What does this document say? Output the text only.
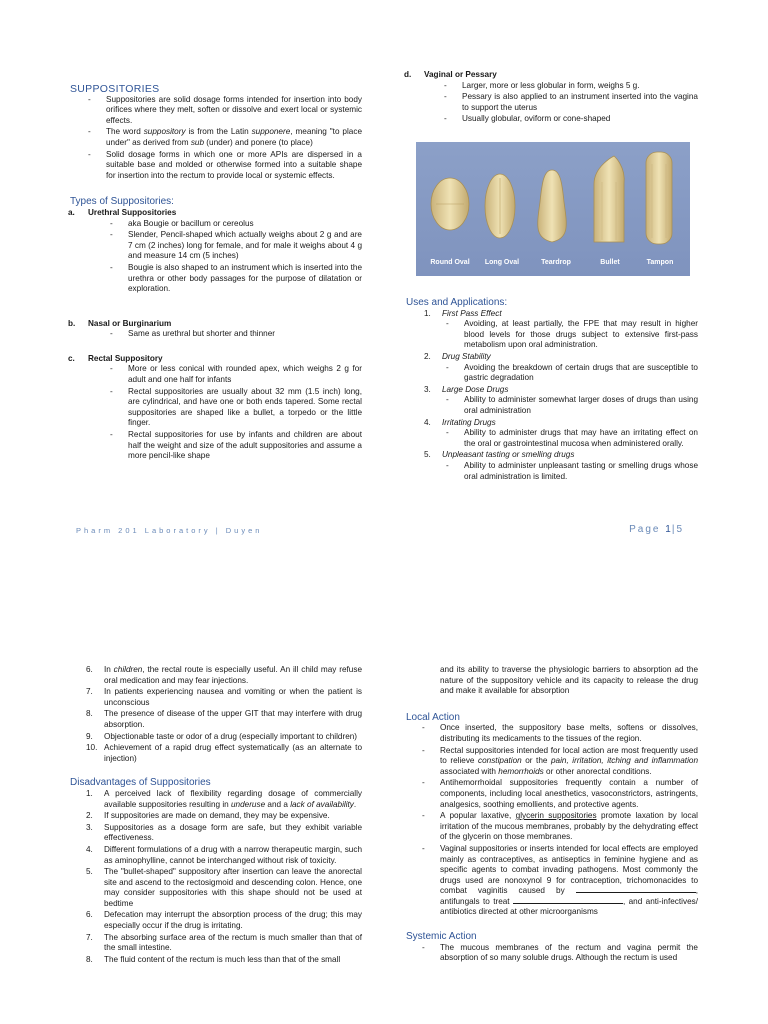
SUPPOSITORIES

- Suppositories are solid dosage forms intended for insertion into body orifices where they melt, soften or dissolve and exert local or systemic effects.
- The word suppository is from the Latin supponere, meaning "to place under" as derived from sub (under) and ponere (to place)
- Solid dosage forms in which one or more APIs are dispersed in a suitable base and molded or otherwise formed into a suitable shape for insertion into the rectum to provide local or systemic effects.

Types of Suppositories:

a. Urethral Suppositories

- aka Bougie or bacillum or cereolus
- Slender, Pencil-shaped which actually weighs about 2 g and are 7 cm (2 inches) long for female, and for male it weighs about 4 g and measure 14 cm (5 inches)
- Bougie is also shaped to an instrument which is inserted into the urethra or other body passages for the purpose of dilatation or exploration.

b. Nasal or Burginarium

- Same as urethral but shorter and thinner

c. Rectal Suppository

- More or less conical with rounded apex, which weighs 2 g for adult and one half for infants
- Rectal suppositories are usually about 32 mm (1.5 inch) long, are cylindrical, and have one or both ends tapered. Some rectal suppositories are shaped like a bullet, a torpedo or the little finger.
- Rectal suppositories for use by infants and children are about half the weight and size of the adult suppositories and assume a more pencil-like shape

d. Vaginal or Pessary

- Larger, more or less globular in form, weighs 5 g.
- Pessary is also applied to an instrument inserted into the vagina to support the uterus
- Usually globular, oviform or cone-shaped
Round Oval	Long Oval	Teardrop	Bullet	Tampon

Uses and Applications:

1. First Pass Effect
- Avoiding, at least partially, the FPE that may result in higher blood levels for those drugs subject to extensive first-pass metabolism upon oral administration.
2. Drug Stability
- Avoiding the breakdown of certain drugs that are susceptible to gastric degradation
3. Large Dose Drugs
- Ability to administer somewhat larger doses of drugs than using oral administration
4. Irritating Drugs
- Ability to administer drugs that may have an irritating effect on the oral or gastrointestinal mucosa when administered orally.
5. Unpleasant tasting or smelling drugs
- Ability to administer unpleasant tasting or smelling drugs whose oral administration is limited.
Pharm 201 Laboratory | Duyen	Page 1|5
6. In children, the rectal route is especially useful. An ill child may refuse oral medication and may fear injections.
7. In patients experiencing nausea and vomiting or when the patient is unconscious
8. The presence of disease of the upper GIT that may interfere with drug absorption.
9. Objectionable taste or odor of a drug (especially important to children)
10. Achievement of a rapid drug effect systematically (as an alternate to injection)

Disadvantages of Suppositories

1. A perceived lack of flexibility regarding dosage of commercially available suppositories resulting in underuse and a lack of availability.
2. If suppositories are made on demand, they may be expensive.
3. Suppositories as a dosage form are safe, but they exhibit variable effectiveness.
4. Different formulations of a drug with a narrow therapeutic margin, such as aminophylline, cannot be interchanged without risk of toxicity.
5. The "bullet-shaped" suppository after insertion can leave the anorectal site and ascend to the rectosigmoid and descending colon. Hence, one may consider suppositories with this shape should not be used at bedtime
6. Defecation may interrupt the absorption process of the drug; this may especially occur if the drug is irritating.
7. The absorbing surface area of the rectum is much smaller than that of the small intestine.
8. The fluid content of the rectum is much less than that of the small

and its ability to traverse the physiologic barriers to absorption ad the nature of the suppository vehicle and its capacity to release the drug and make it available for absorption

Local Action

- Once inserted, the suppository base melts, softens or dissolves, distributing its medicaments to the tissues of the region.
- Rectal suppositories intended for local action are most frequently used to relieve constipation or the pain, irritation, itching and inflammation associated with hemorrhoids or other anorectal conditions.
- Antihemorrhoidal suppositories frequently contain a number of components, including local anesthetics, vasoconstrictors, astringents, analgesics, soothing emollients, and protective agents.
- A popular laxative, glycerin suppositories promote laxation by local irritation of the mucous membranes, probably by the dehydrating effect of the glycerin on those membranes.
- Vaginal suppositories or inserts intended for local effects are employed mainly as contraceptives, as antiseptics in feminine hygiene and as specific agents to combat invading pathogens. Most commonly the drugs used are nonoxynol 9 for contraception, trichomonacides to combat vaginitis caused by	, antifungals to treat	, and anti-infectives/ antibiotics directed at other microorganisms

Systemic Action

- The mucous membranes of the rectum and vagina permit the absorption of so many soluble drugs. Although the rectum is used
